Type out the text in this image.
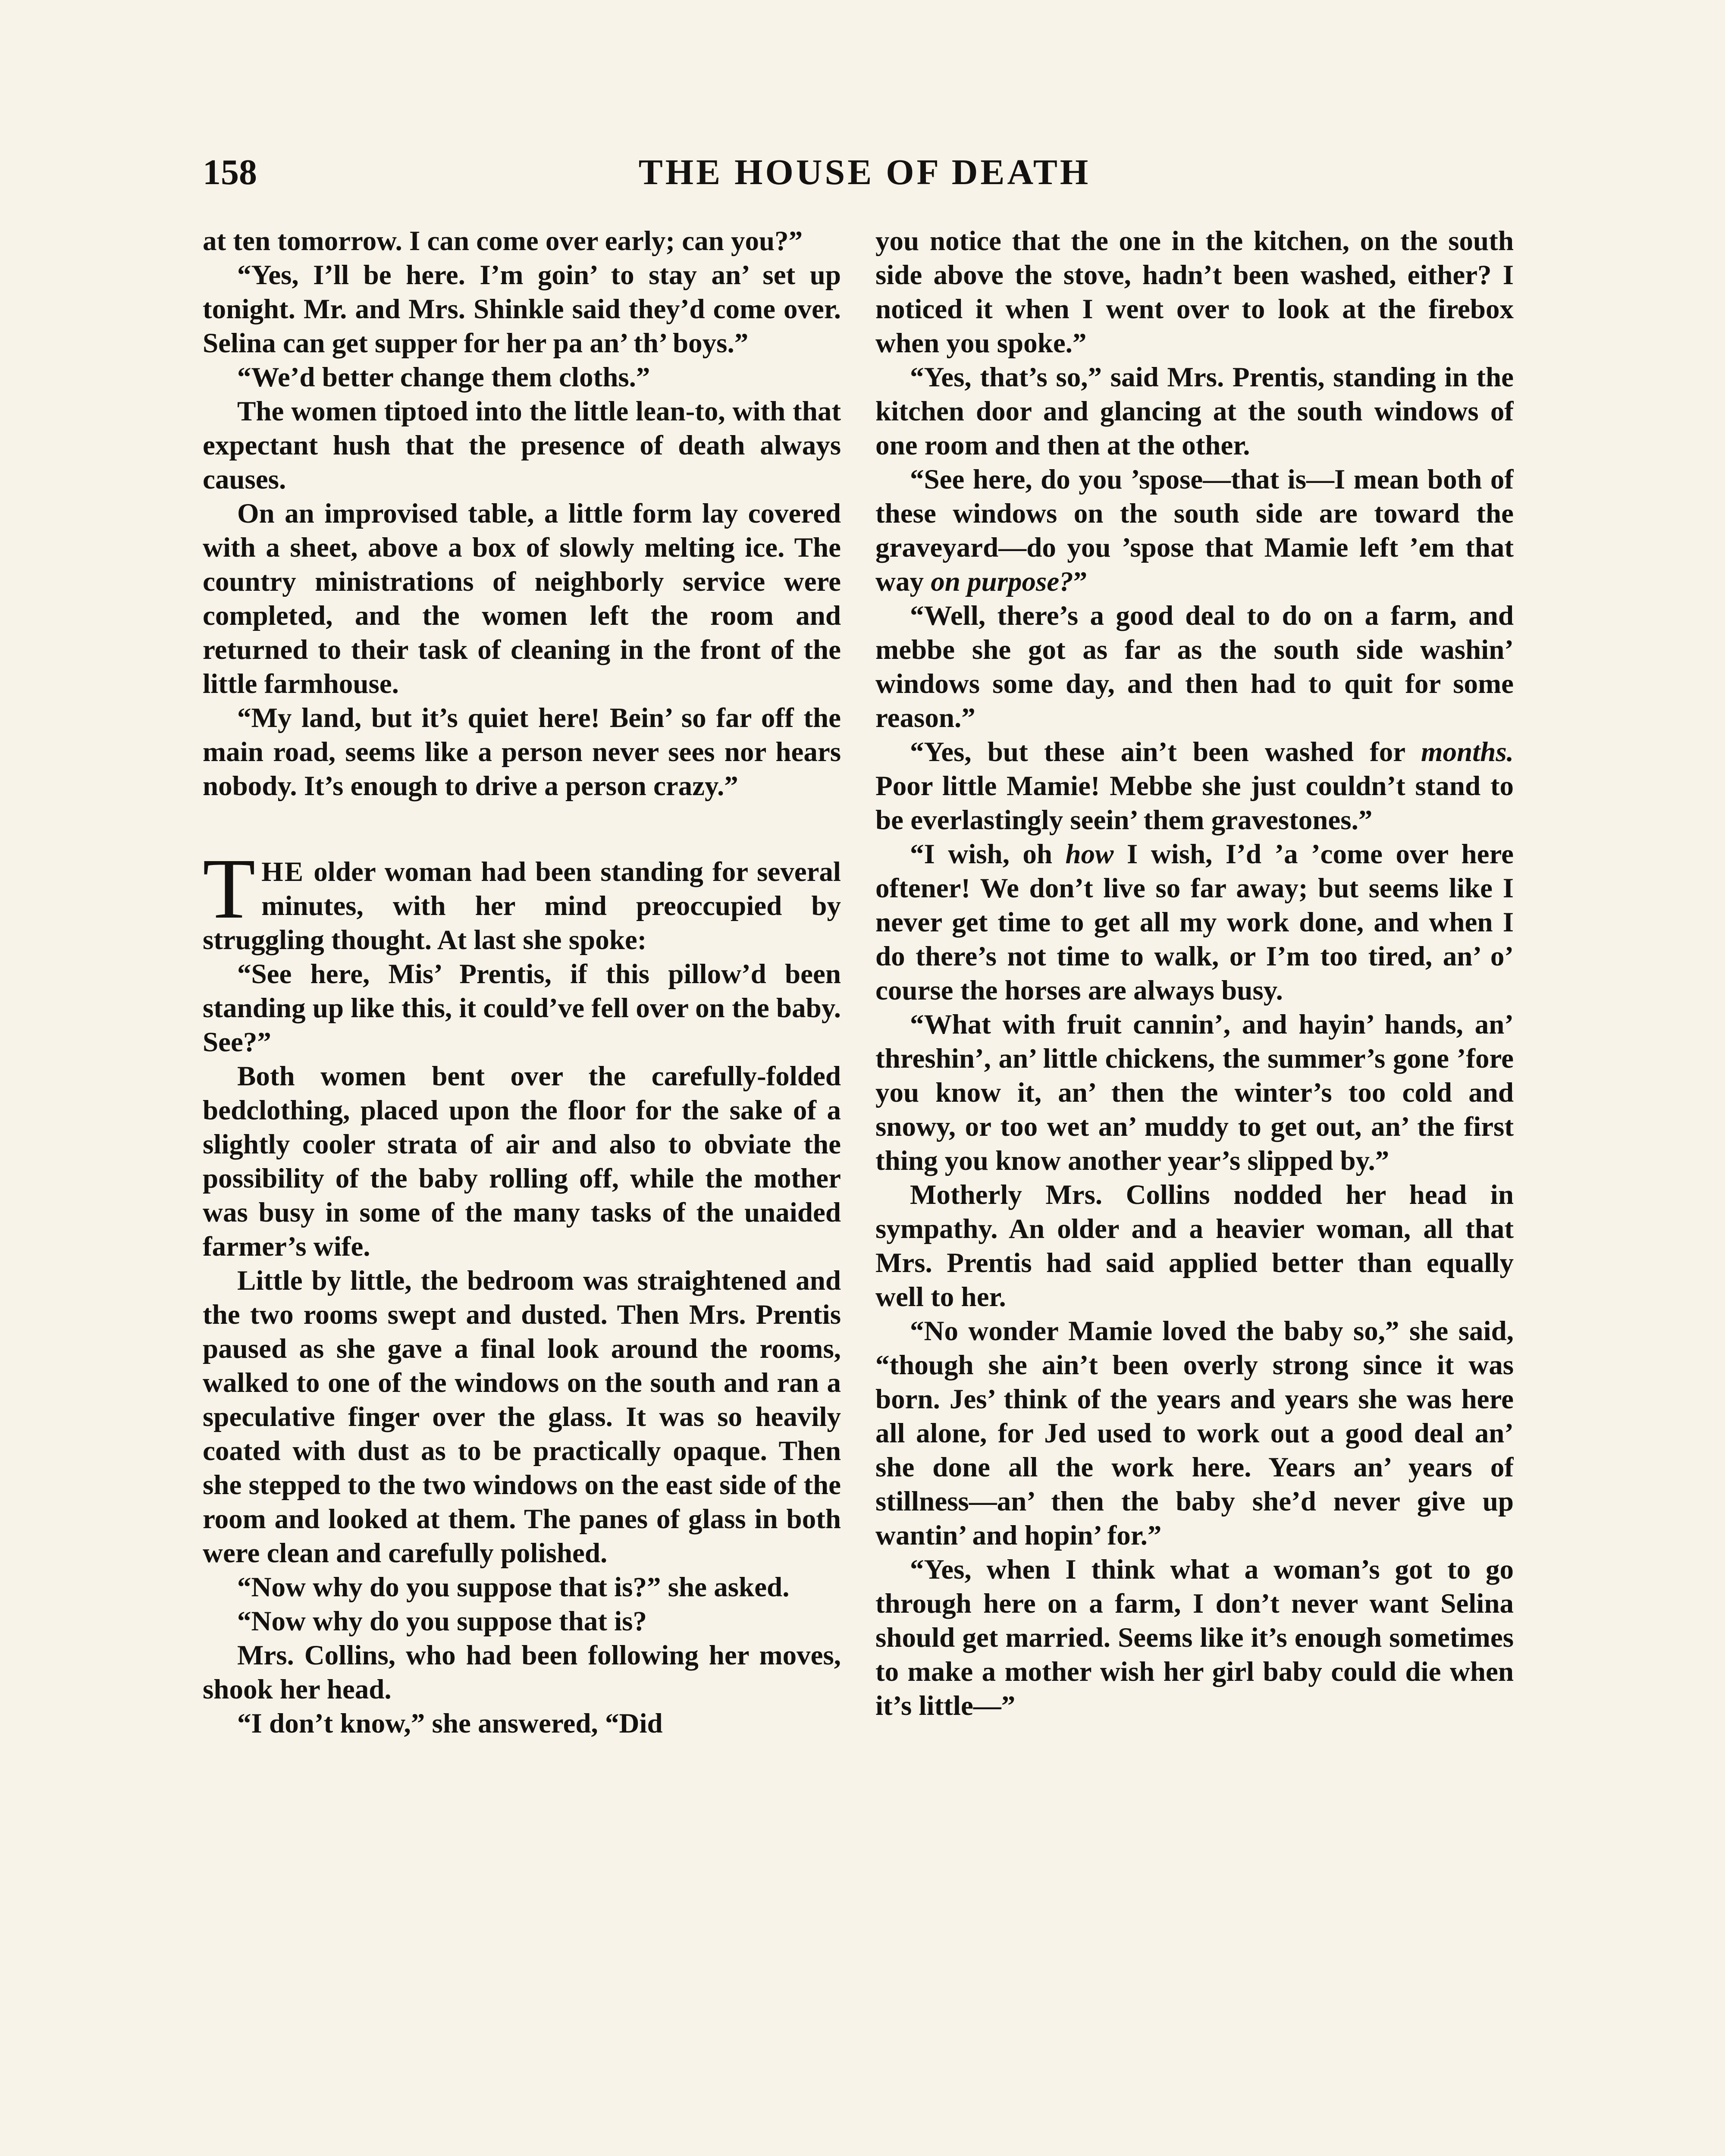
158	THE HOUSE OF DEATH

at ten tomorrow. I can come over early; can you?”

“Yes, I’ll be here. I’m goin’ to stay an’ set up tonight. Mr. and Mrs. Shinkle said they’d come over. Selina can get supper for her pa an’ th’ boys.”

“We’d better change them cloths.”

The women tiptoed into the little lean-to, with that expectant hush that the presence of death always causes.

On an improvised table, a little form lay covered with a sheet, above a box of slowly melting ice. The country ministrations of neighborly service were completed, and the women left the room and returned to their task of cleaning in the front of the little farmhouse.

“My land, but it’s quiet here! Bein’ so far off the main road, seems like a person never sees nor hears nobody. It’s enough to drive a person crazy.”

THE older woman had been standing for several minutes, with her mind preoccupied by struggling thought. At last she spoke:

“See here, Mis’ Prentis, if this pillow’d been standing up like this, it could’ve fell over on the baby. See?”

Both women bent over the carefully-folded bedclothing, placed upon the floor for the sake of a slightly cooler strata of air and also to obviate the possibility of the baby rolling off, while the mother was busy in some of the many tasks of the unaided farmer’s wife.

Little by little, the bedroom was straightened and the two rooms swept and dusted. Then Mrs. Prentis paused as she gave a final look around the rooms, walked to one of the windows on the south and ran a speculative finger over the glass. It was so heavily coated with dust as to be practically opaque. Then she stepped to the two windows on the east side of the room and looked at them. The panes of glass in both were clean and carefully polished.

“Now why do you suppose that is?” she asked.

“Now why do you suppose that is?

Mrs. Collins, who had been following her moves, shook her head.

“I don’t know,” she answered, “Did

you notice that the one in the kitchen, on the south side above the stove, hadn’t been washed, either? I noticed it when I went over to look at the firebox when you spoke.”

“Yes, that’s so,” said Mrs. Prentis, standing in the kitchen door and glancing at the south windows of one room and then at the other.

“See here, do you ’spose—that is—I mean both of these windows on the south side are toward the graveyard—do you ’spose that Mamie left ’em that way on purpose?”

“Well, there’s a good deal to do on a farm, and mebbe she got as far as the south side washin’ windows some day, and then had to quit for some reason.”

“Yes, but these ain’t been washed for months. Poor little Mamie! Mebbe she just couldn’t stand to be everlastingly seein’ them gravestones.”

“I wish, oh how I wish, I’d ’a ’come over here oftener! We don’t live so far away; but seems like I never get time to get all my work done, and when I do there’s not time to walk, or I’m too tired, an’ o’ course the horses are always busy.

“What with fruit cannin’, and hayin’ hands, an’ threshin’, an’ little chickens, the summer’s gone ’fore you know it, an’ then the winter’s too cold and snowy, or too wet an’ muddy to get out, an’ the first thing you know another year’s slipped by.”

Motherly Mrs. Collins nodded her head in sympathy. An older and a heavier woman, all that Mrs. Prentis had said applied better than equally well to her.

“No wonder Mamie loved the baby so,” she said, “though she ain’t been overly strong since it was born. Jes’ think of the years and years she was here all alone, for Jed used to work out a good deal an’ she done all the work here. Years an’ years of stillness—an’ then the baby she’d never give up wantin’ and hopin’ for.”

“Yes, when I think what a woman’s got to go through here on a farm, I don’t never want Selina should get married. Seems like it’s enough sometimes to make a mother wish her girl baby could die when it’s little—”
